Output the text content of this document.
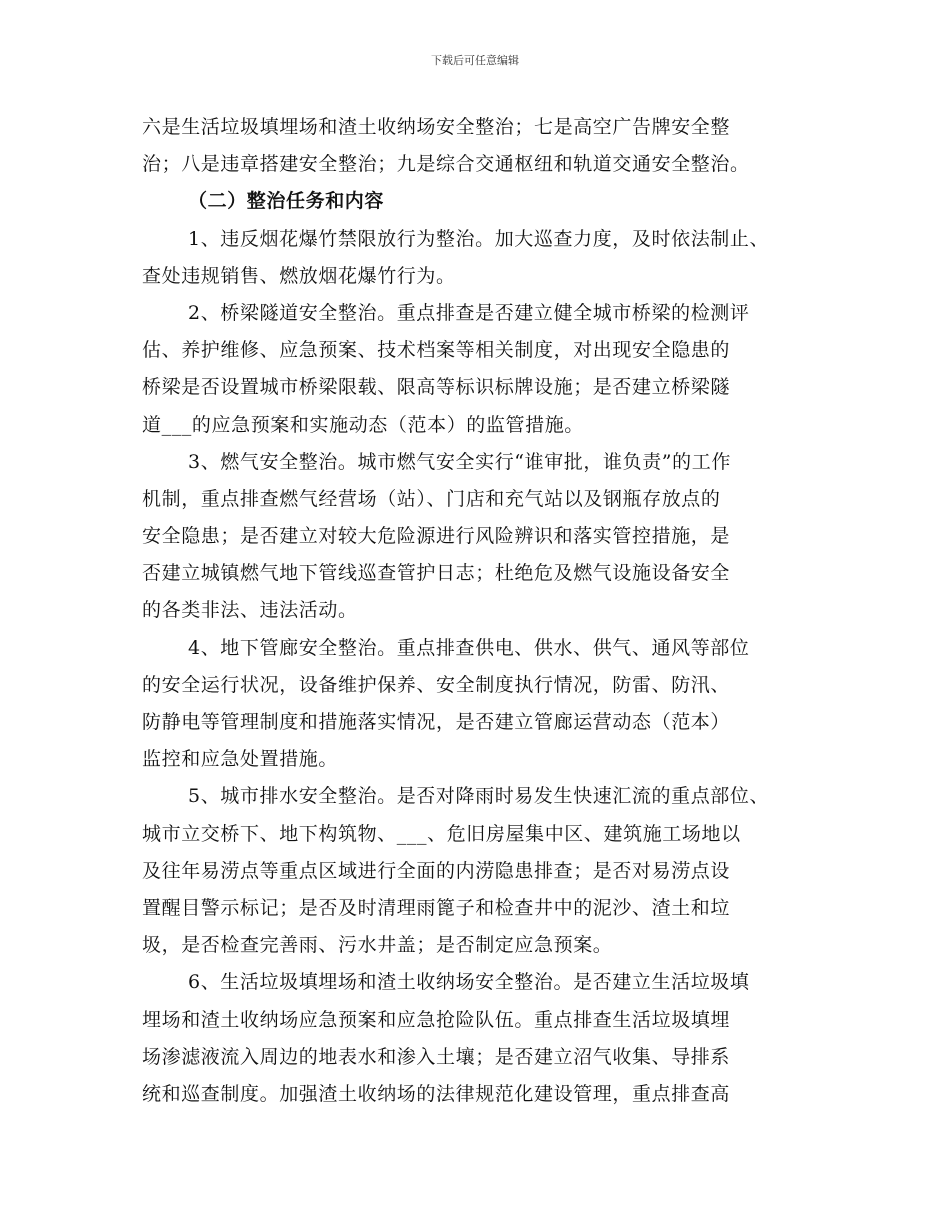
下载后可任意编辑
六是生活垃圾填埋场和渣土收纳场安全整治；七是高空广告牌安全整
治；八是违章搭建安全整治；九是综合交通枢纽和轨道交通安全整治。
（二）整治任务和内容
1、违反烟花爆竹禁限放行为整治。加大巡查力度，及时依法制止、
查处违规销售、燃放烟花爆竹行为。
2、桥梁隧道安全整治。重点排查是否建立健全城市桥梁的检测评
估、养护维修、应急预案、技术档案等相关制度，对出现安全隐患的
桥梁是否设置城市桥梁限载、限高等标识标牌设施；是否建立桥梁隧
道___的应急预案和实施动态（范本）的监管措施。
3、燃气安全整治。城市燃气安全实行“谁审批，谁负责”的工作
机制，重点排查燃气经营场（站）、门店和充气站以及钢瓶存放点的
安全隐患；是否建立对较大危险源进行风险辨识和落实管控措施，是
否建立城镇燃气地下管线巡查管护日志；杜绝危及燃气设施设备安全
的各类非法、违法活动。
4、地下管廊安全整治。重点排查供电、供水、供气、通风等部位
的安全运行状况，设备维护保养、安全制度执行情况，防雷、防汛、
防静电等管理制度和措施落实情况，是否建立管廊运营动态（范本）
监控和应急处置措施。
5、城市排水安全整治。是否对降雨时易发生快速汇流的重点部位、
城市立交桥下、地下构筑物、___、危旧房屋集中区、建筑施工场地以
及往年易涝点等重点区域进行全面的内涝隐患排查；是否对易涝点设
置醒目警示标记；是否及时清理雨篦子和检查井中的泥沙、渣土和垃
圾，是否检查完善雨、污水井盖；是否制定应急预案。
6、生活垃圾填埋场和渣土收纳场安全整治。是否建立生活垃圾填
埋场和渣土收纳场应急预案和应急抢险队伍。重点排查生活垃圾填埋
场渗滤液流入周边的地表水和渗入土壤；是否建立沼气收集、导排系
统和巡查制度。加强渣土收纳场的法律规范化建设管理，重点排查高
